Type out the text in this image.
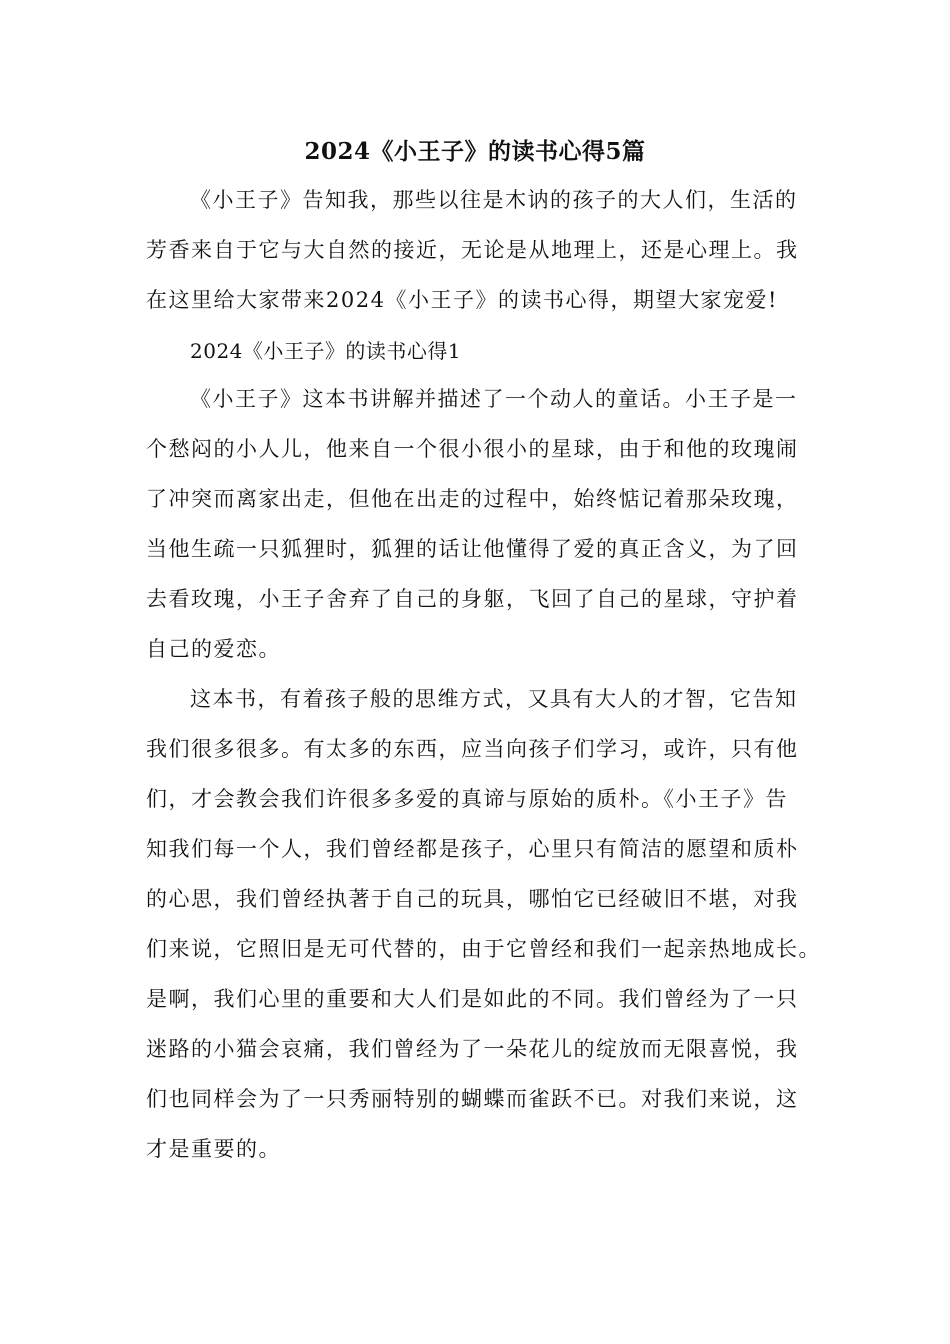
2024《小王子》的读书心得5篇
《小王子》告知我，那些以往是木讷的孩子的大人们，生活的
芳香来自于它与大自然的接近，无论是从地理上，还是心理上。我
在这里给大家带来2024《小王子》的读书心得，期望大家宠爱!
2024《小王子》的读书心得1
《小王子》这本书讲解并描述了一个动人的童话。小王子是一
个愁闷的小人儿，他来自一个很小很小的星球，由于和他的玫瑰闹
了冲突而离家出走，但他在出走的过程中，始终惦记着那朵玫瑰，
当他生疏一只狐狸时，狐狸的话让他懂得了爱的真正含义，为了回
去看玫瑰，小王子舍弃了自己的身躯，飞回了自己的星球，守护着
自己的爱恋。
这本书，有着孩子般的思维方式，又具有大人的才智，它告知
我们很多很多。有太多的东西，应当向孩子们学习，或许，只有他
们，才会教会我们许很多多爱的真谛与原始的质朴。《小王子》告
知我们每一个人，我们曾经都是孩子，心里只有简洁的愿望和质朴
的心思，我们曾经执著于自己的玩具，哪怕它已经破旧不堪，对我
们来说，它照旧是无可代替的，由于它曾经和我们一起亲热地成长。
是啊，我们心里的重要和大人们是如此的不同。我们曾经为了一只
迷路的小猫会哀痛，我们曾经为了一朵花儿的绽放而无限喜悦，我
们也同样会为了一只秀丽特别的蝴蝶而雀跃不已。对我们来说，这
才是重要的。
